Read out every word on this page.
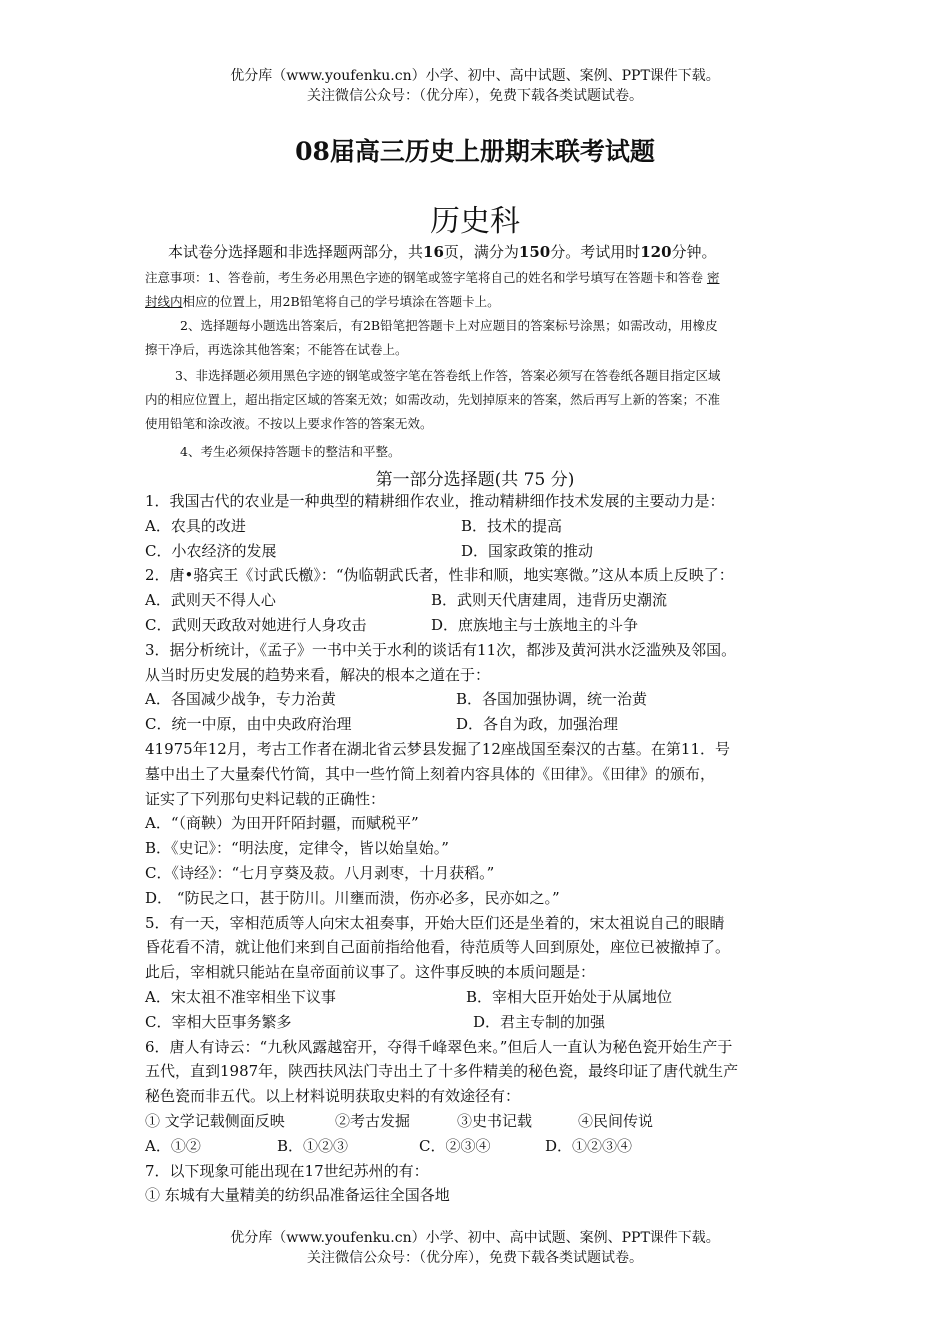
优分库（www.youfenku.cn）小学、初中、高中试题、案例、PPT课件下载。
关注微信公众号：（优分库），免费下载各类试题试卷。
08届高三历史上册期末联考试题
历史科
本试卷分选择题和非选择题两部分，共16页，满分为150分。考试用时120分钟。

注意事项：1、答卷前，考生务必用黑色字迹的钢笔或签字笔将自己的姓名和学号填写在答题卡和答卷 密

封线内相应的位置上，用2B铅笔将自己的学号填涂在答题卡上。

2、选择题每小题选出答案后，有2B铅笔把答题卡上对应题目的答案标号涂黑；如需改动，用橡皮

擦干净后，再选涂其他答案；不能答在试卷上。

3、非选择题必须用黑色字迹的钢笔或签字笔在答卷纸上作答，答案必须写在答卷纸各题目指定区域

内的相应位置上，超出指定区域的答案无效；如需改动，先划掉原来的答案，然后再写上新的答案；不准

使用铅笔和涂改液。不按以上要求作答的答案无效。

4、考生必须保持答题卡的整洁和平整。

第一部分选择题(共 75 分)
1．我国古代的农业是一种典型的精耕细作农业，推动精耕细作技术发展的主要动力是：
A．农具的改进	B．技术的提高
C．小农经济的发展	D．国家政策的推动
2．唐•骆宾王《讨武氏檄》：“伪临朝武氏者，性非和顺，地实寒微。”这从本质上反映了：
A．武则天不得人心	B．武则天代唐建周，违背历史潮流
C．武则天政敌对她进行人身攻击	D．庶族地主与士族地主的斗争
3．据分析统计，《孟子》一书中关于水利的谈话有11次，都涉及黄河洪水泛滥殃及邻国。
从当时历史发展的趋势来看，解决的根本之道在于：
A．各国减少战争，专力治黄	B．各国加强协调，统一治黄
C．统一中原，由中央政府治理	D．各自为政，加强治理
41975年12月，考古工作者在湖北省云梦县发掘了12座战国至秦汉的古墓。在第11．号
墓中出土了大量秦代竹简，其中一些竹简上刻着内容具体的《田律》。《田律》的颁布，
证实了下列那句史料记载的正确性：
A．“（商鞅）为田开阡陌封疆，而赋税平”
B．《史记》：“明法度，定律令，皆以始皇始。”
C．《诗经》：“七月亨葵及菽。八月剥枣，十月获稻。”
D． “防民之口，甚于防川。川壅而溃，伤亦必多，民亦如之。”
5．有一天，宰相范质等人向宋太祖奏事，开始大臣们还是坐着的，宋太祖说自己的眼睛
昏花看不清，就让他们来到自己面前指给他看，待范质等人回到原处，座位已被撤掉了。
此后，宰相就只能站在皇帝面前议事了。这件事反映的本质问题是：
A．宋太祖不准宰相坐下议事	B．宰相大臣开始处于从属地位
C．宰相大臣事务繁多	D．君主专制的加强
6．唐人有诗云：“九秋风露越窑开，夺得千峰翠色来。”但后人一直认为秘色瓷开始生产于
五代，直到1987年，陕西扶风法门寺出土了十多件精美的秘色瓷，最终印证了唐代就生产
秘色瓷而非五代。以上材料说明获取史料的有效途径有：
① 文学记载侧面反映	②考古发掘	③史书记载	④民间传说
A．①②	B．①②③	C．②③④	D．①②③④
7．以下现象可能出现在17世纪苏州的有：
① 东城有大量精美的纺织品准备运往全国各地
优分库（www.youfenku.cn）小学、初中、高中试题、案例、PPT课件下载。
关注微信公众号：（优分库），免费下载各类试题试卷。
